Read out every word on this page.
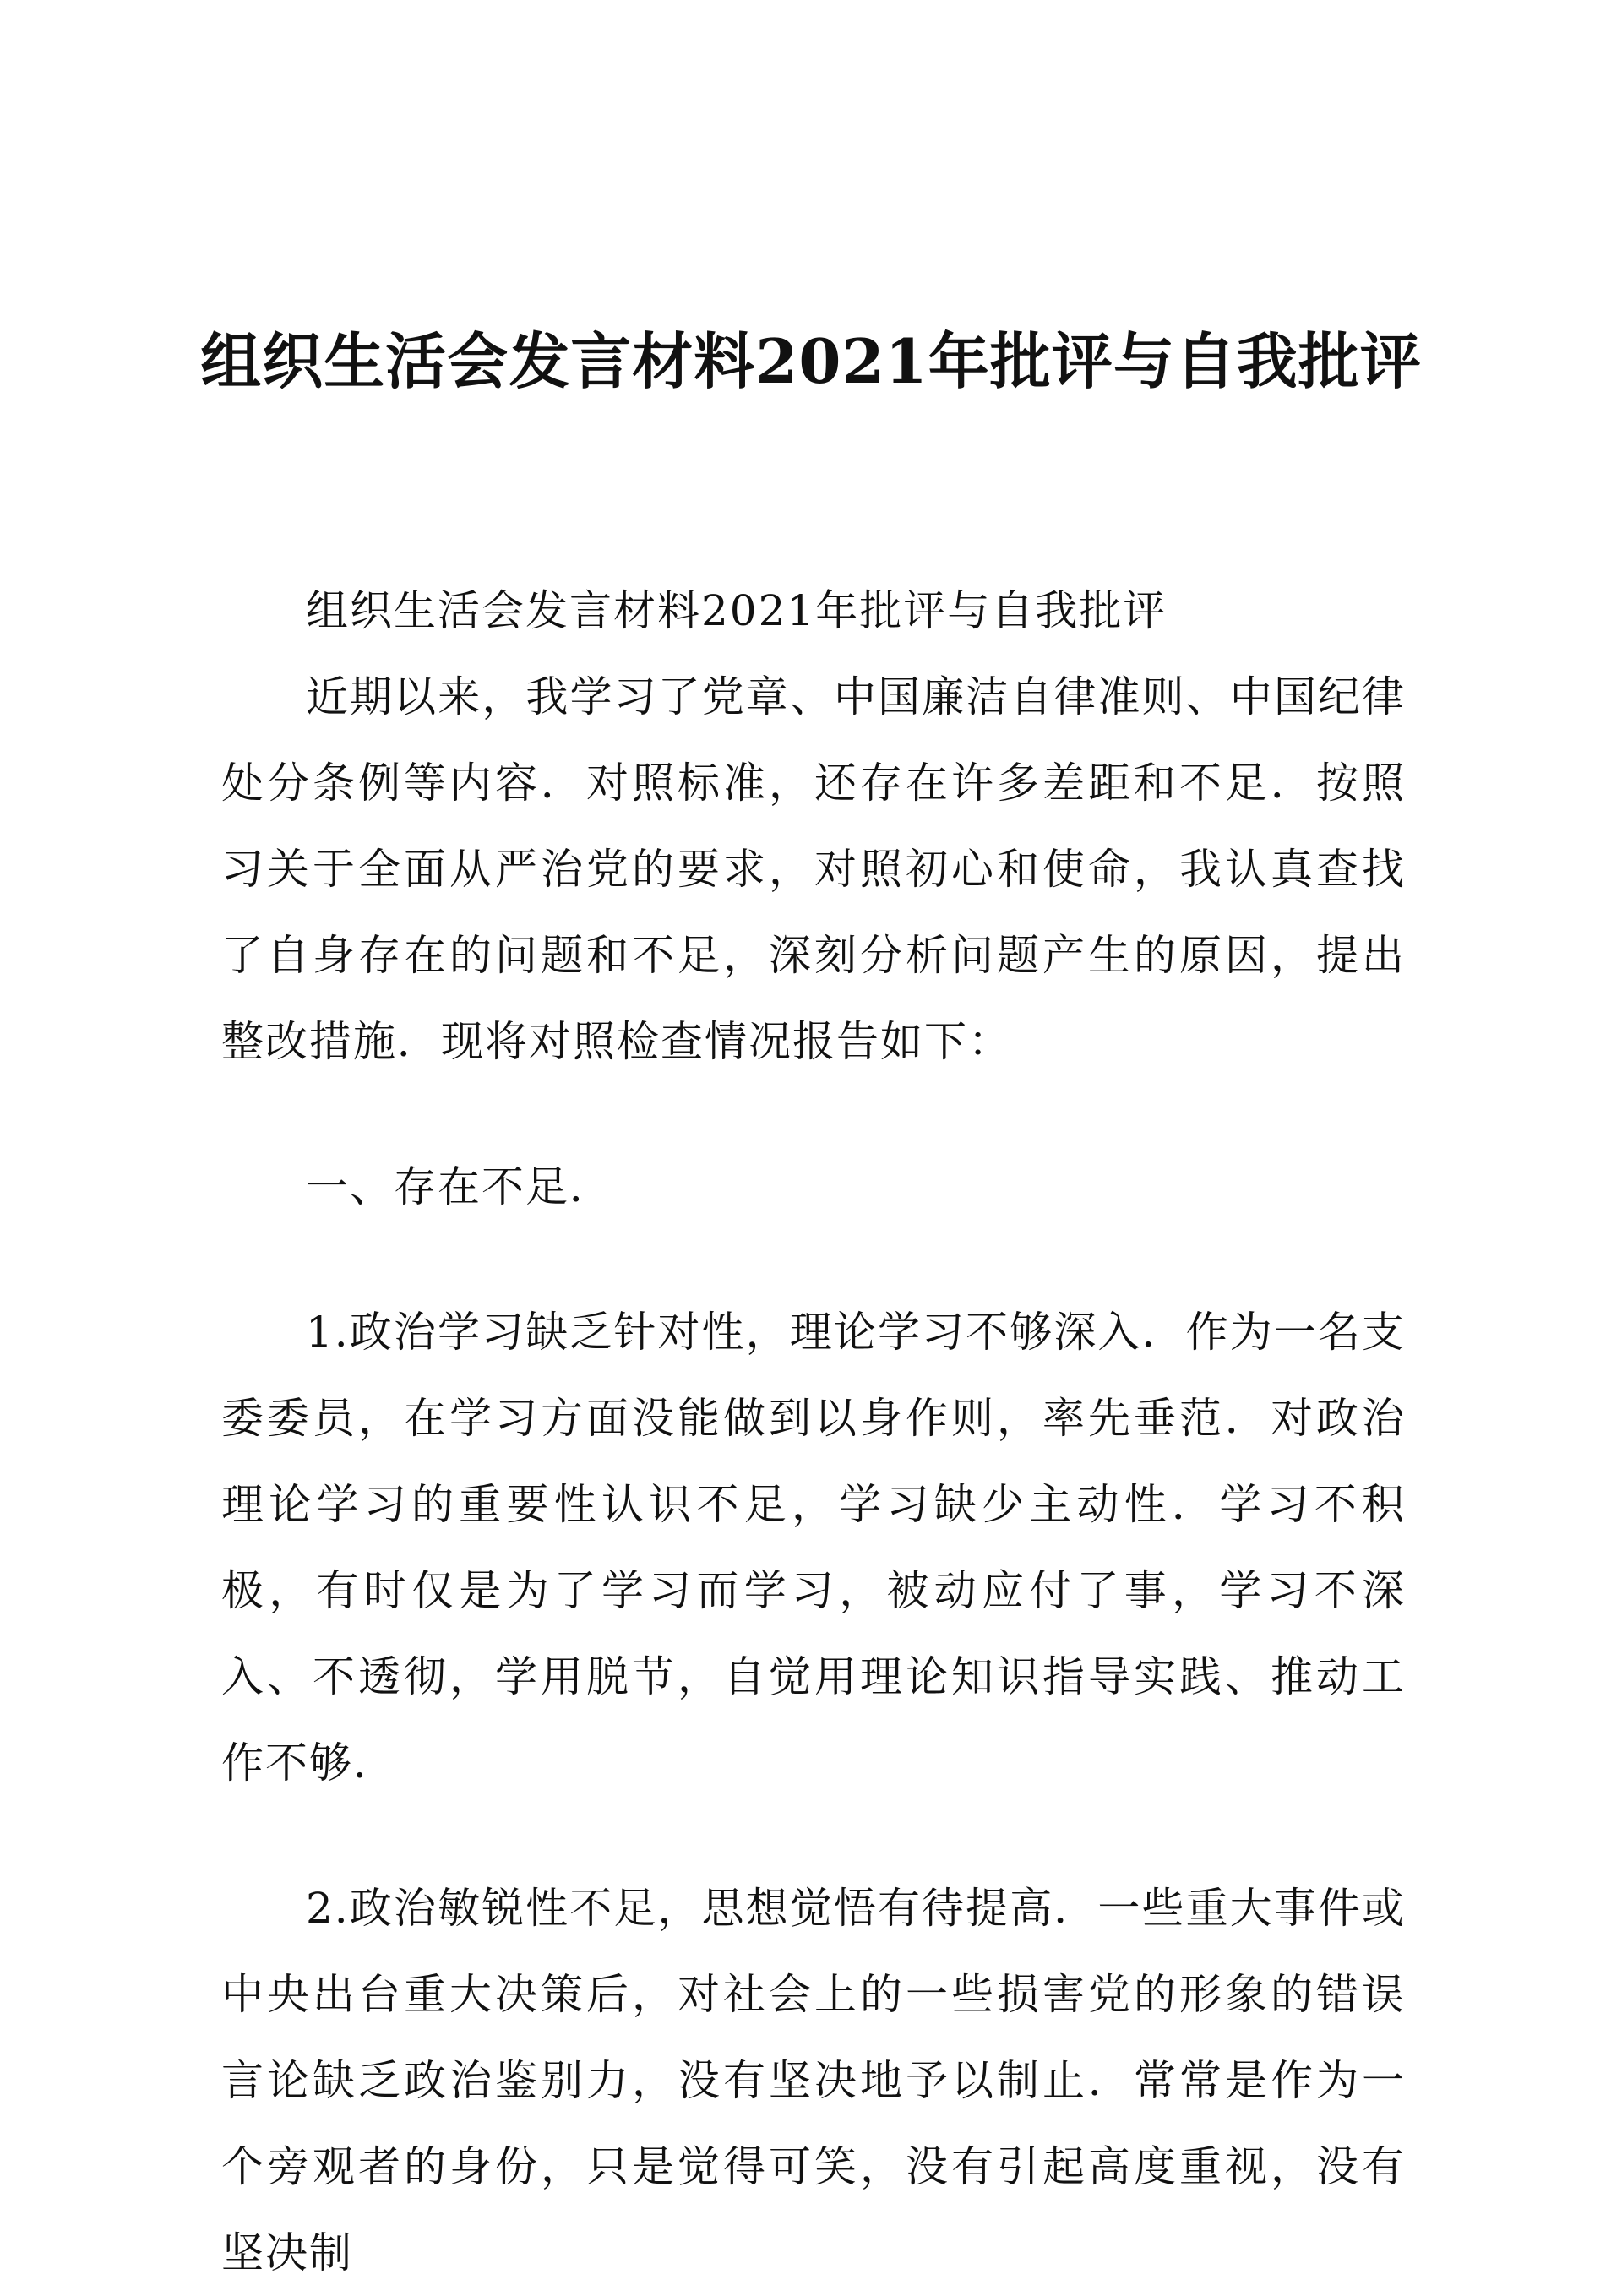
组织生活会发言材料2021年批评与自我批评

组织生活会发言材料2021年批评与自我批评

近期以来，我学习了党章、中国廉洁自律准则、中国纪律处分条例等内容．对照标准，还存在许多差距和不足．按照习关于全面从严治党的要求，对照初心和使命，我认真查找了自身存在的问题和不足，深刻分析问题产生的原因，提出整改措施．现将对照检查情况报告如下：

一、存在不足．

1.政治学习缺乏针对性，理论学习不够深入．作为一名支委委员，在学习方面没能做到以身作则，率先垂范．对政治理论学习的重要性认识不足，学习缺少主动性．学习不积极，有时仅是为了学习而学习，被动应付了事，学习不深入、不透彻，学用脱节，自觉用理论知识指导实践、推动工作不够．

2.政治敏锐性不足，思想觉悟有待提高．一些重大事件或中央出台重大决策后，对社会上的一些损害党的形象的错误言论缺乏政治鉴别力，没有坚决地予以制止．常常是作为一个旁观者的身份，只是觉得可笑，没有引起高度重视，没有坚决制
